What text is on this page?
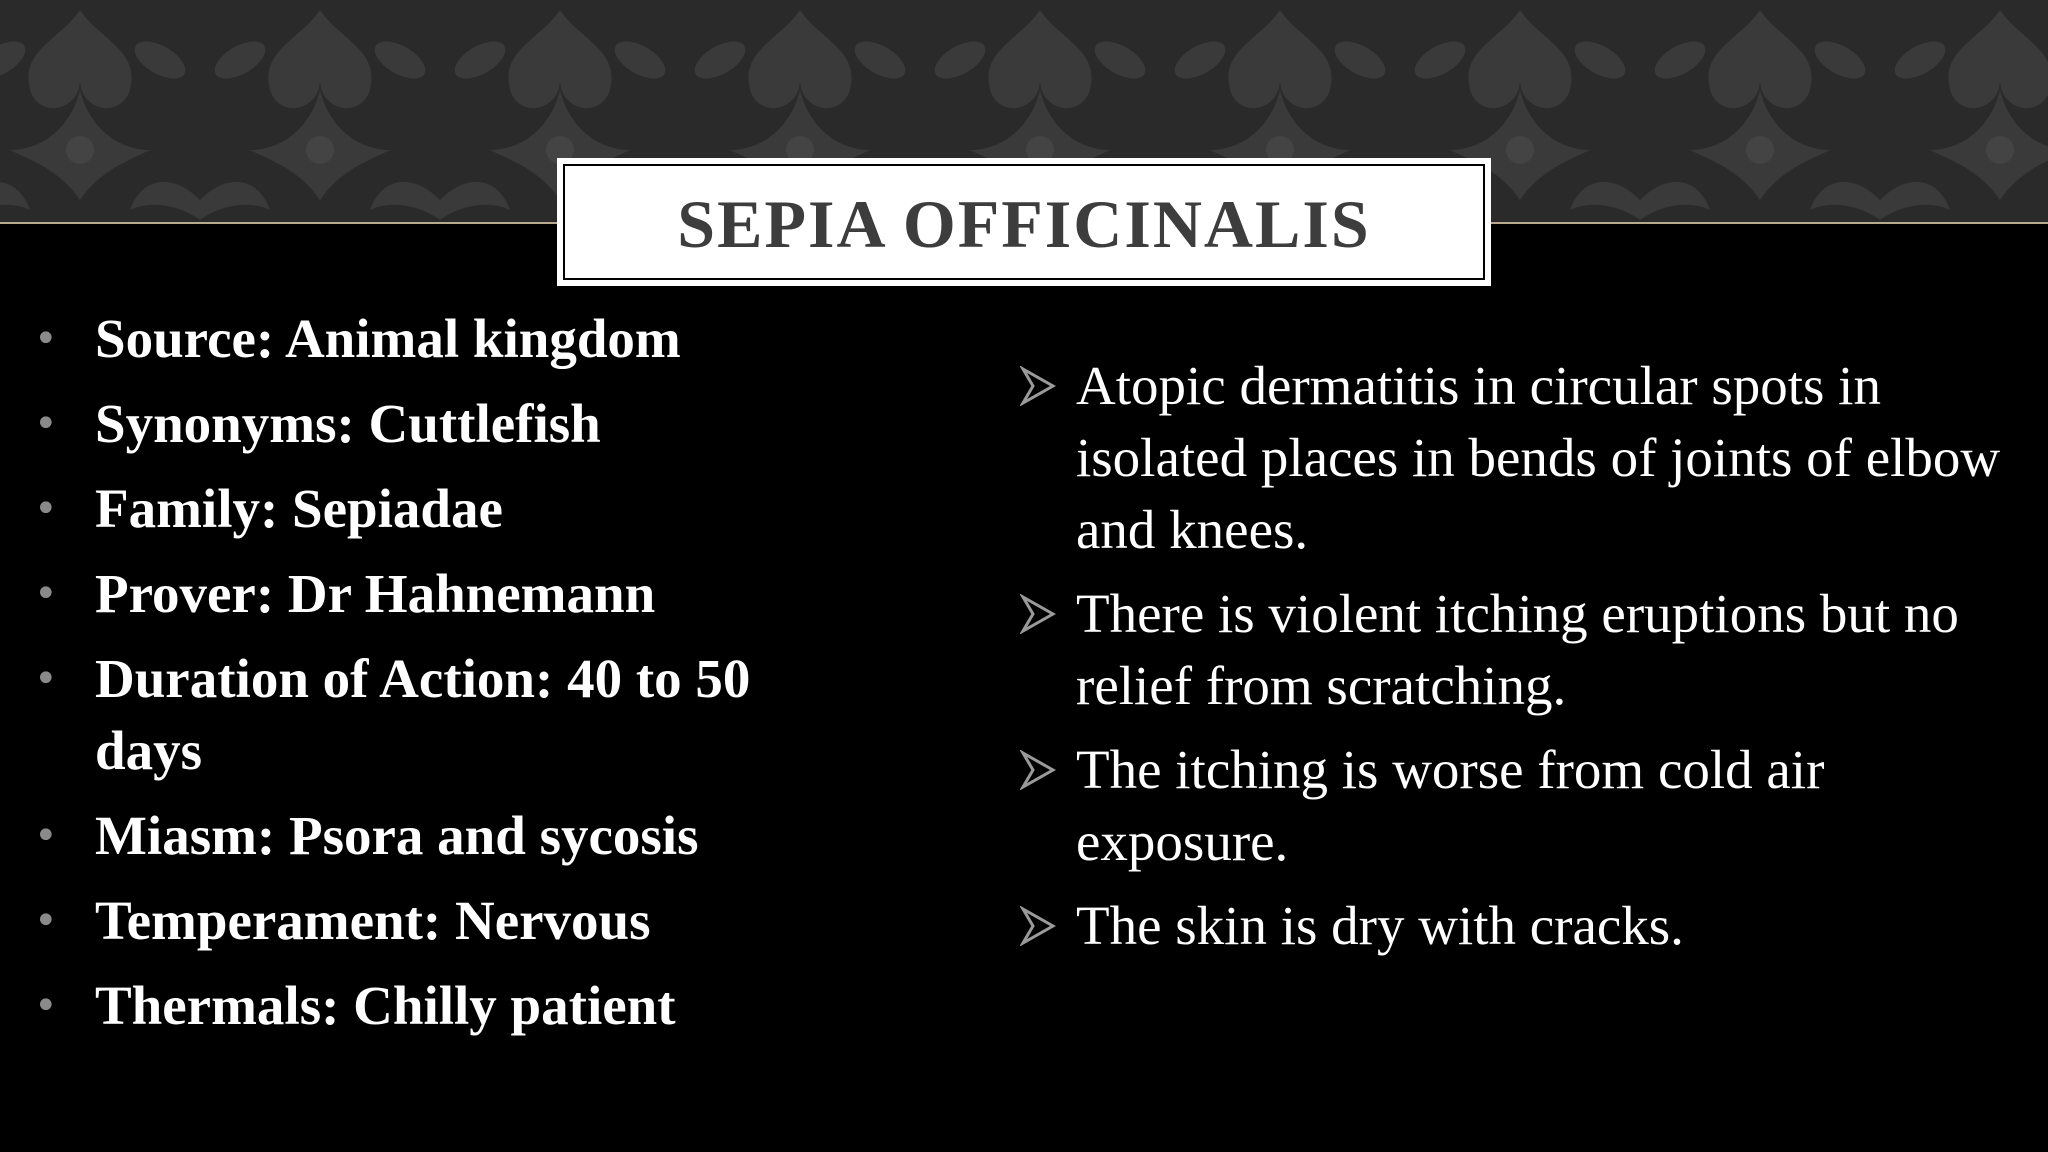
SEPIA OFFICINALIS
• Source: Animal kingdom
• Synonyms: Cuttlefish
• Family: Sepiadae
• Prover: Dr Hahnemann
• Duration of Action: 40 to 50 days
• Miasm: Psora and sycosis
• Temperament: Nervous
• Thermals: Chilly patient
Atopic dermatitis in circular spots in isolated places in bends of joints of elbow and knees.
There is violent itching eruptions but no relief from scratching.
The itching is worse from cold air exposure.
The skin is dry with cracks.
